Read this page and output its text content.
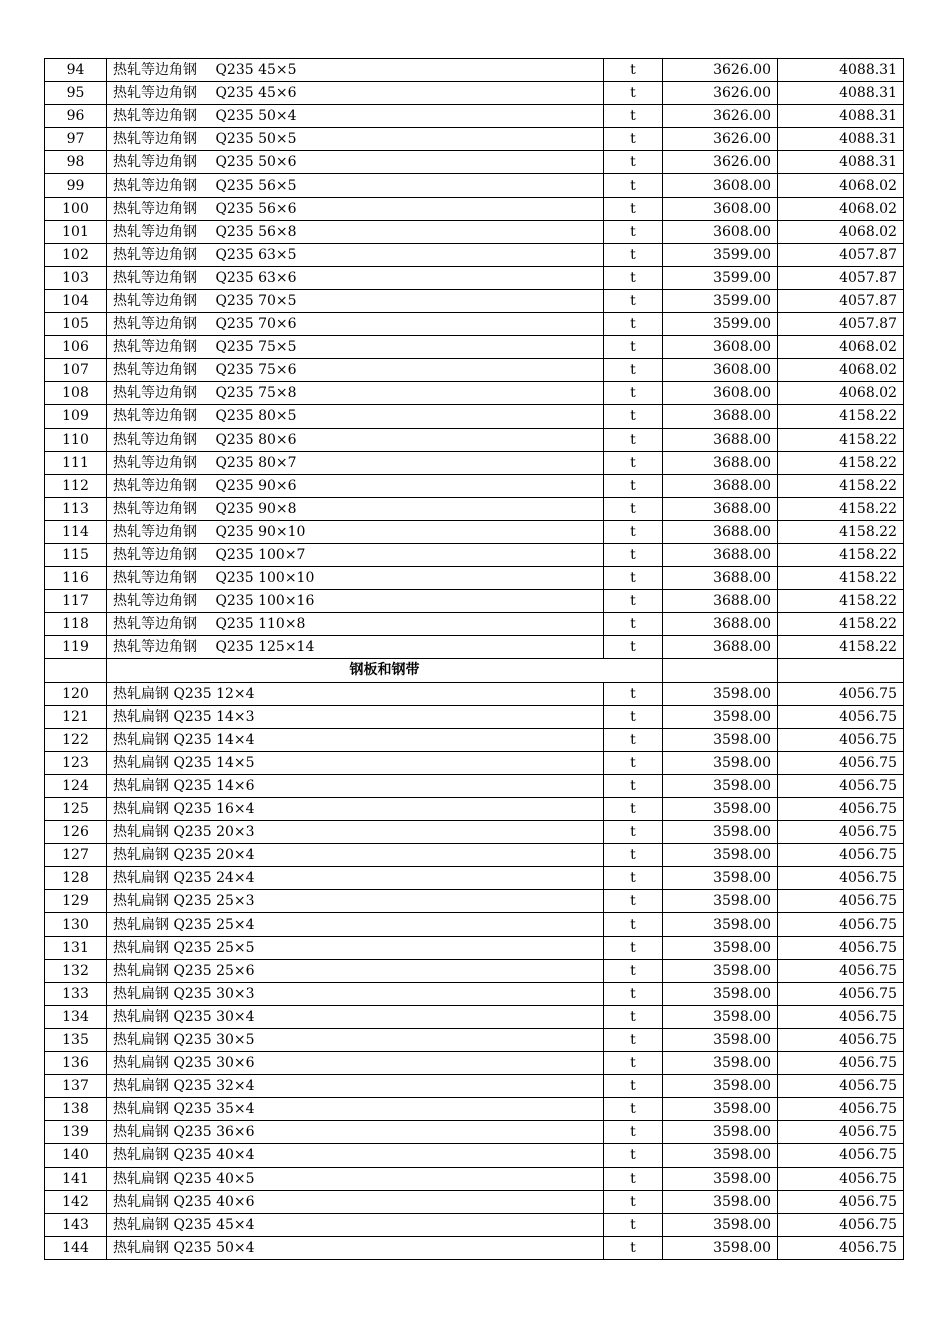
94	热轧等边角钢　 Q235 45×5	t	3626.00	4088.31
95	热轧等边角钢　 Q235 45×6	t	3626.00	4088.31
96	热轧等边角钢　 Q235 50×4	t	3626.00	4088.31
97	热轧等边角钢　 Q235 50×5	t	3626.00	4088.31
98	热轧等边角钢　 Q235 50×6	t	3626.00	4088.31
99	热轧等边角钢　 Q235 56×5	t	3608.00	4068.02
100	热轧等边角钢　 Q235 56×6	t	3608.00	4068.02
101	热轧等边角钢　 Q235 56×8	t	3608.00	4068.02
102	热轧等边角钢　 Q235 63×5	t	3599.00	4057.87
103	热轧等边角钢　 Q235 63×6	t	3599.00	4057.87
104	热轧等边角钢　 Q235 70×5	t	3599.00	4057.87
105	热轧等边角钢　 Q235 70×6	t	3599.00	4057.87
106	热轧等边角钢　 Q235 75×5	t	3608.00	4068.02
107	热轧等边角钢　 Q235 75×6	t	3608.00	4068.02
108	热轧等边角钢　 Q235 75×8	t	3608.00	4068.02
109	热轧等边角钢　 Q235 80×5	t	3688.00	4158.22
110	热轧等边角钢　 Q235 80×6	t	3688.00	4158.22
111	热轧等边角钢　 Q235 80×7	t	3688.00	4158.22
112	热轧等边角钢　 Q235 90×6	t	3688.00	4158.22
113	热轧等边角钢　 Q235 90×8	t	3688.00	4158.22
114	热轧等边角钢　 Q235 90×10	t	3688.00	4158.22
115	热轧等边角钢　 Q235 100×7	t	3688.00	4158.22
116	热轧等边角钢　 Q235 100×10	t	3688.00	4158.22
117	热轧等边角钢　 Q235 100×16	t	3688.00	4158.22
118	热轧等边角钢　 Q235 110×8	t	3688.00	4158.22
119	热轧等边角钢　 Q235 125×14	t	3688.00	4158.22
	钢板和钢带			
120	热轧扁钢 Q235 12×4	t	3598.00	4056.75
121	热轧扁钢 Q235 14×3	t	3598.00	4056.75
122	热轧扁钢 Q235 14×4	t	3598.00	4056.75
123	热轧扁钢 Q235 14×5	t	3598.00	4056.75
124	热轧扁钢 Q235 14×6	t	3598.00	4056.75
125	热轧扁钢 Q235 16×4	t	3598.00	4056.75
126	热轧扁钢 Q235 20×3	t	3598.00	4056.75
127	热轧扁钢 Q235 20×4	t	3598.00	4056.75
128	热轧扁钢 Q235 24×4	t	3598.00	4056.75
129	热轧扁钢 Q235 25×3	t	3598.00	4056.75
130	热轧扁钢 Q235 25×4	t	3598.00	4056.75
131	热轧扁钢 Q235 25×5	t	3598.00	4056.75
132	热轧扁钢 Q235 25×6	t	3598.00	4056.75
133	热轧扁钢 Q235 30×3	t	3598.00	4056.75
134	热轧扁钢 Q235 30×4	t	3598.00	4056.75
135	热轧扁钢 Q235 30×5	t	3598.00	4056.75
136	热轧扁钢 Q235 30×6	t	3598.00	4056.75
137	热轧扁钢 Q235 32×4	t	3598.00	4056.75
138	热轧扁钢 Q235 35×4	t	3598.00	4056.75
139	热轧扁钢 Q235 36×6	t	3598.00	4056.75
140	热轧扁钢 Q235 40×4	t	3598.00	4056.75
141	热轧扁钢 Q235 40×5	t	3598.00	4056.75
142	热轧扁钢 Q235 40×6	t	3598.00	4056.75
143	热轧扁钢 Q235 45×4	t	3598.00	4056.75
144	热轧扁钢 Q235 50×4	t	3598.00	4056.75
